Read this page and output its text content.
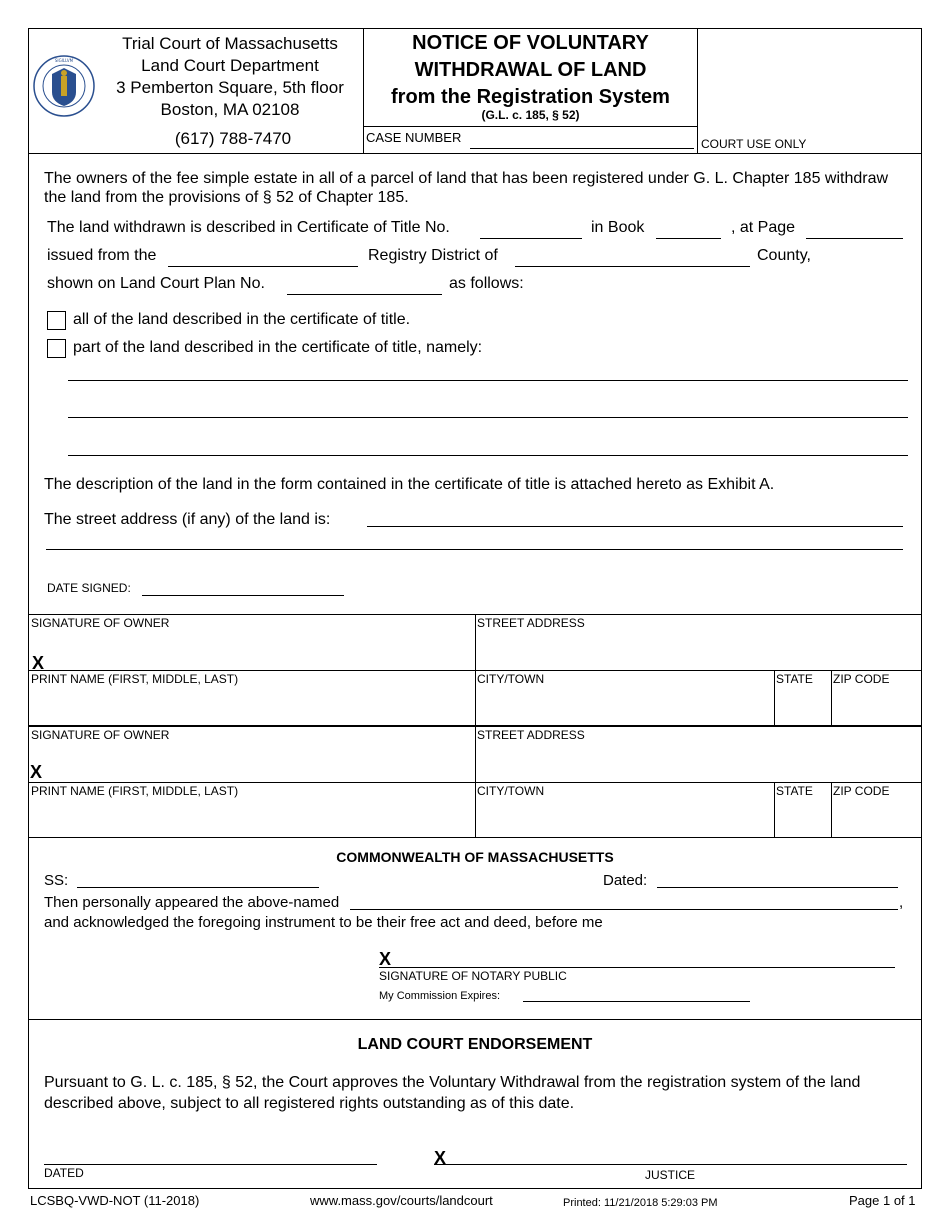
SIGILLVM
Trial Court of Massachusetts
Land Court Department
3 Pemberton Square, 5th floor
Boston, MA 02108
(617) 788-7470
NOTICE OF VOLUNTARY
WITHDRAWAL OF LAND
from the Registration System
(G.L. c. 185, § 52)
CASE NUMBER	COURT USE ONLY
The owners of the fee simple estate in all of a parcel of land that has been registered under G. L. Chapter 185 withdraw the land from the provisions of § 52 of Chapter 185.
The land withdrawn is described in Certificate of Title No.	in Book	, at Page
issued from the	Registry District of	County,
shown on Land Court Plan No.	as follows:
all of the land described in the certificate of title.
part of the land described in the certificate of title, namely:
The description of the land in the form contained in the certificate of title is attached hereto as Exhibit A.
The street address (if any) of the land is:
DATE SIGNED:
SIGNATURE OF OWNER
X
STREET ADDRESS
PRINT NAME (FIRST, MIDDLE, LAST)	CITY/TOWN	STATE ZIP CODE
SIGNATURE OF OWNER
X
STREET ADDRESS
PRINT NAME (FIRST, MIDDLE, LAST)	CITY/TOWN	STATE ZIP CODE
COMMONWEALTH OF MASSACHUSETTS
SS:	Dated:
Then personally appeared the above-named	,
and acknowledged the foregoing instrument to be their free act and deed, before me
X
SIGNATURE OF NOTARY PUBLIC
My Commission Expires:
LAND COURT ENDORSEMENT
Pursuant to G. L. c. 185, § 52, the Court approves the Voluntary Withdrawal from the registration system of the land described above, subject to all registered rights outstanding as of this date.
DATED
X
JUSTICE
LCSBQ-VWD-NOT (11-2018)	www.mass.gov/courts/landcourt	Printed: 11/21/2018 5:29:03 PM	Page 1 of 1
